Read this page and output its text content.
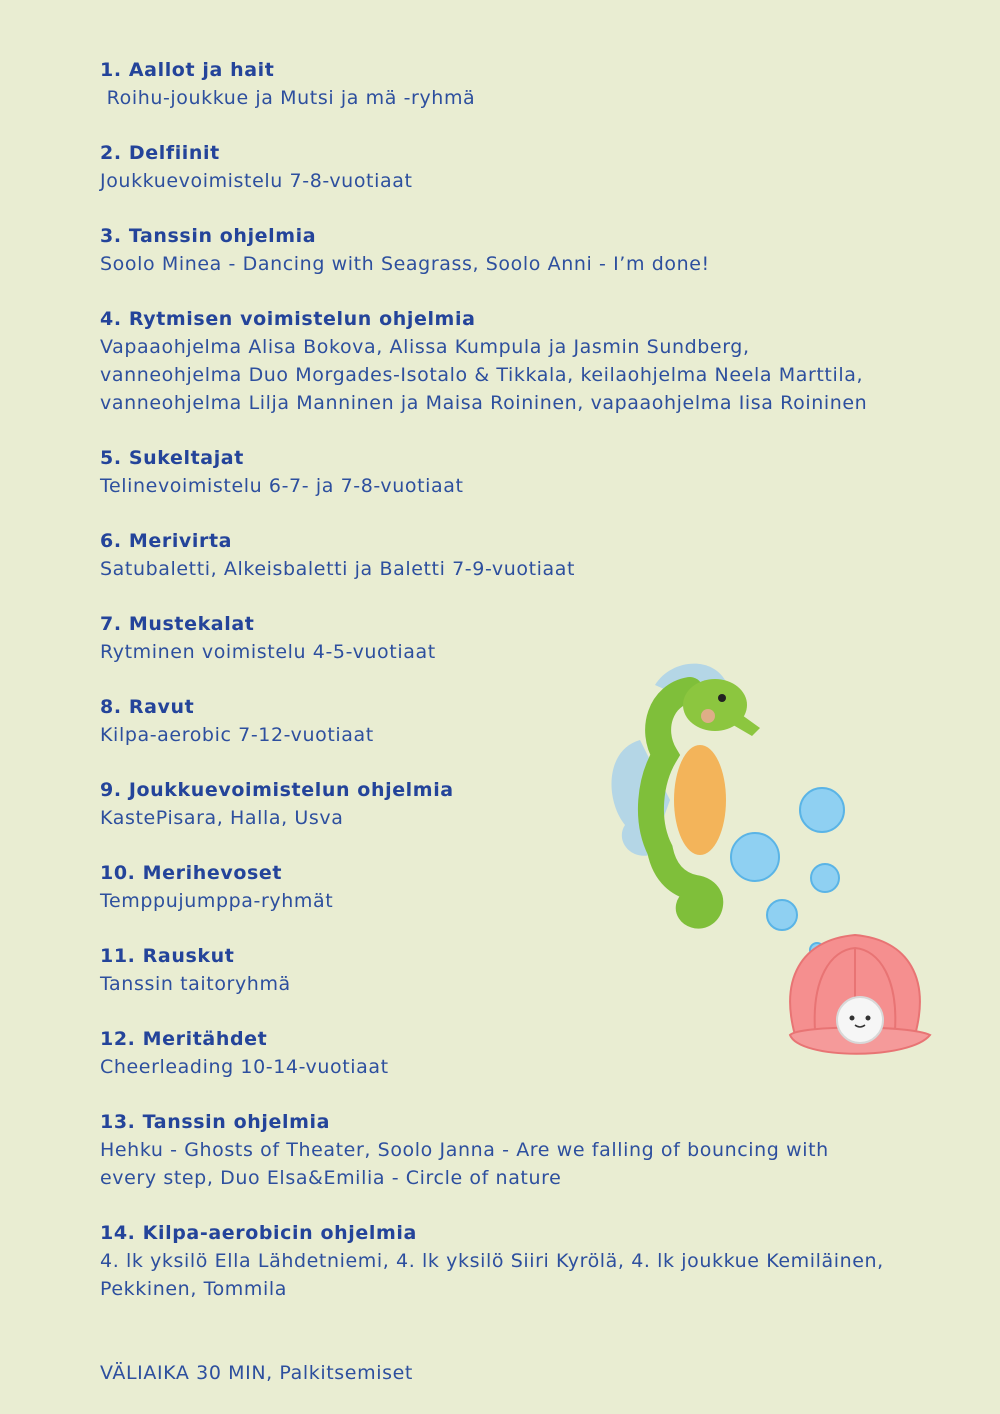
1. Aallot ja hait
Roihu-joukkue ja Mutsi ja mä -ryhmä
2. Delfiinit
Joukkuevoimistelu 7-8-vuotiaat
3. Tanssin ohjelmia
Soolo Minea - Dancing with Seagrass, Soolo Anni - I’m done!
4. Rytmisen voimistelun ohjelmia
Vapaaohjelma Alisa Bokova, Alissa Kumpula ja Jasmin Sundberg,
vanneohjelma Duo Morgades-Isotalo & Tikkala, keilaohjelma Neela Marttila,
vanneohjelma Lilja Manninen ja Maisa Roininen, vapaaohjelma Iisa Roininen
5. Sukeltajat
Telinevoimistelu 6-7- ja 7-8-vuotiaat
6. Merivirta
Satubaletti, Alkeisbaletti ja Baletti 7-9-vuotiaat
7. Mustekalat
Rytminen voimistelu 4-5-vuotiaat
8. Ravut
Kilpa-aerobic 7-12-vuotiaat
9. Joukkuevoimistelun ohjelmia
KastePisara, Halla, Usva
10. Merihevoset
Temppujumppa-ryhmät
11. Rauskut
Tanssin taitoryhmä
12. Meritähdet
Cheerleading 10-14-vuotiaat
13. Tanssin ohjelmia
Hehku - Ghosts of Theater, Soolo Janna - Are we falling of bouncing with
every step, Duo Elsa&Emilia - Circle of nature
14. Kilpa-aerobicin ohjelmia
4. lk yksilö Ella Lähdetniemi, 4. lk yksilö Siiri Kyrölä, 4. lk joukkue Kemiläinen,
Pekkinen, Tommila
VÄLIAIKA 30 MIN, Palkitsemiset
